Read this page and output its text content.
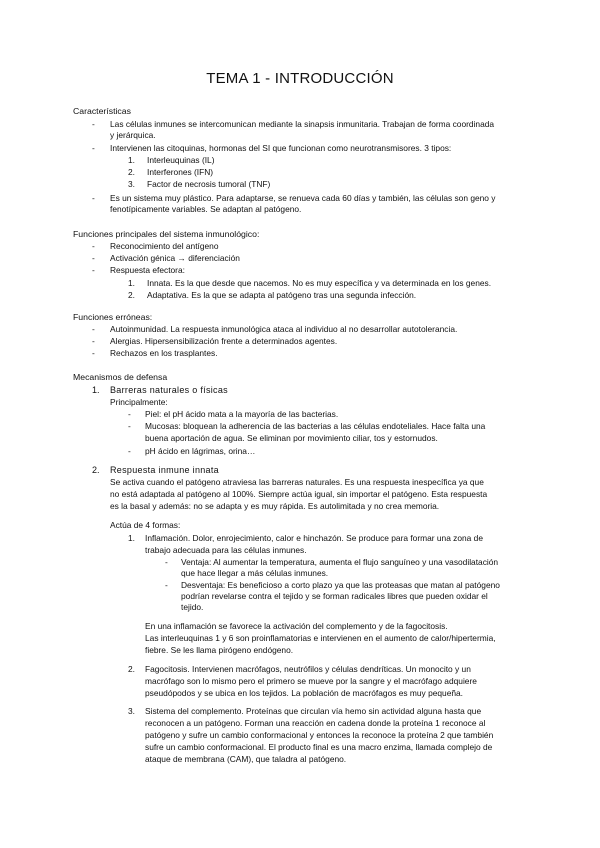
TEMA 1 - INTRODUCCIÓN
Características
- Las células inmunes se intercomunican mediante la sinapsis inmunitaria. Trabajan de forma coordinada
y jerárquica.
- Intervienen las citoquinas, hormonas del SI que funcionan como neurotransmisores. 3 tipos:
1. Interleuquinas (IL)
2. Interferones (IFN)
3. Factor de necrosis tumoral (TNF)
- Es un sistema muy plástico. Para adaptarse, se renueva cada 60 días y también, las células son geno y
fenotípicamente variables. Se adaptan al patógeno.
Funciones principales del sistema inmunológico:
- Reconocimiento del antígeno
- Activación génica → diferenciación
- Respuesta efectora:
1. Innata. Es la que desde que nacemos. No es muy específica y va determinada en los genes.
2. Adaptativa. Es la que se adapta al patógeno tras una segunda infección.
Funciones erróneas:
- Autoinmunidad. La respuesta inmunológica ataca al individuo al no desarrollar autotolerancia.
- Alergias. Hipersensibilización frente a determinados agentes.
- Rechazos en los trasplantes.
Mecanismos de defensa
1. Barreras naturales o físicas
Principalmente:
- Piel: el pH ácido mata a la mayoría de las bacterias.
- Mucosas: bloquean la adherencia de las bacterias a las células endoteliales. Hace falta una
buena aportación de agua. Se eliminan por movimiento ciliar, tos y estornudos.
- pH ácido en lágrimas, orina…
2. Respuesta inmune innata
Se activa cuando el patógeno atraviesa las barreras naturales. Es una respuesta inespecífica ya que
no está adaptada al patógeno al 100%. Siempre actúa igual, sin importar el patógeno. Esta respuesta
es la basal y además: no se adapta y es muy rápida. Es autolimitada y no crea memoria.
Actúa de 4 formas:
1. Inflamación. Dolor, enrojecimiento, calor e hinchazón. Se produce para formar una zona de
trabajo adecuada para las células inmunes.
- Ventaja: Al aumentar la temperatura, aumenta el flujo sanguíneo y una vasodilatación
que hace llegar a más células inmunes.
- Desventaja: Es beneficioso a corto plazo ya que las proteasas que matan al patógeno
podrían revelarse contra el tejido y se forman radicales libres que pueden oxidar el
tejido.
En una inflamación se favorece la activación del complemento y de la fagocitosis.
Las interleuquinas 1 y 6 son proinflamatorias e intervienen en el aumento de calor/hipertermia,
fiebre. Se les llama pirógeno endógeno.
2. Fagocitosis. Intervienen macrófagos, neutrófilos y células dendríticas. Un monocito y un
macrófago son lo mismo pero el primero se mueve por la sangre y el macrófago adquiere
pseudópodos y se ubica en los tejidos. La población de macrófagos es muy pequeña.
3. Sistema del complemento. Proteínas que circulan vía hemo sin actividad alguna hasta que
reconocen a un patógeno. Forman una reacción en cadena donde la proteína 1 reconoce al
patógeno y sufre un cambio conformacional y entonces la reconoce la proteína 2 que también
sufre un cambio conformacional. El producto final es una macro enzima, llamada complejo de
ataque de membrana (CAM), que taladra al patógeno.
